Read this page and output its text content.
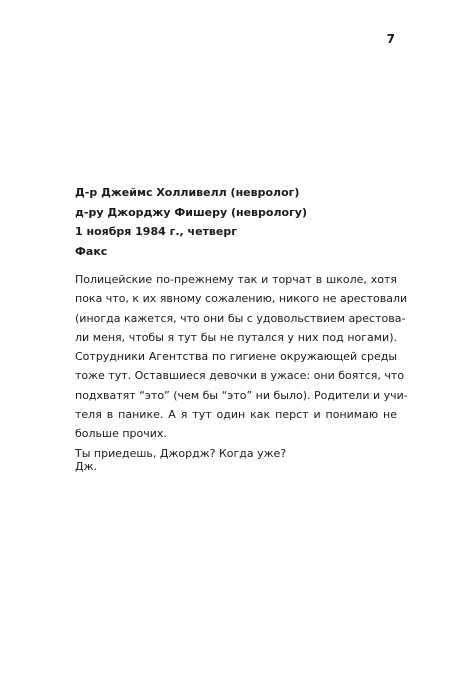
7
Д-р Джеймс Холливелл (невролог)
д-ру Джорджу Фишеру (неврологу)
1 ноября 1984 г., четверг
Факс
Полицейские по-прежнему так и торчат в школе, хотя
пока что, к их явному сожалению, никого не арестовали
(иногда кажется, что они бы с удовольствием арестова-
ли меня, чтобы я тут бы не путался у них под ногами).
Сотрудники Агентства по гигиене окружающей среды
тоже тут. Оставшиеся девочки в ужасе: они боятся, что
подхватят “это” (чем бы “это” ни было). Родители и учи-
теля в панике. А я тут один как перст и понимаю не
больше прочих.
Ты приедешь, Джордж? Когда уже?
Дж.
